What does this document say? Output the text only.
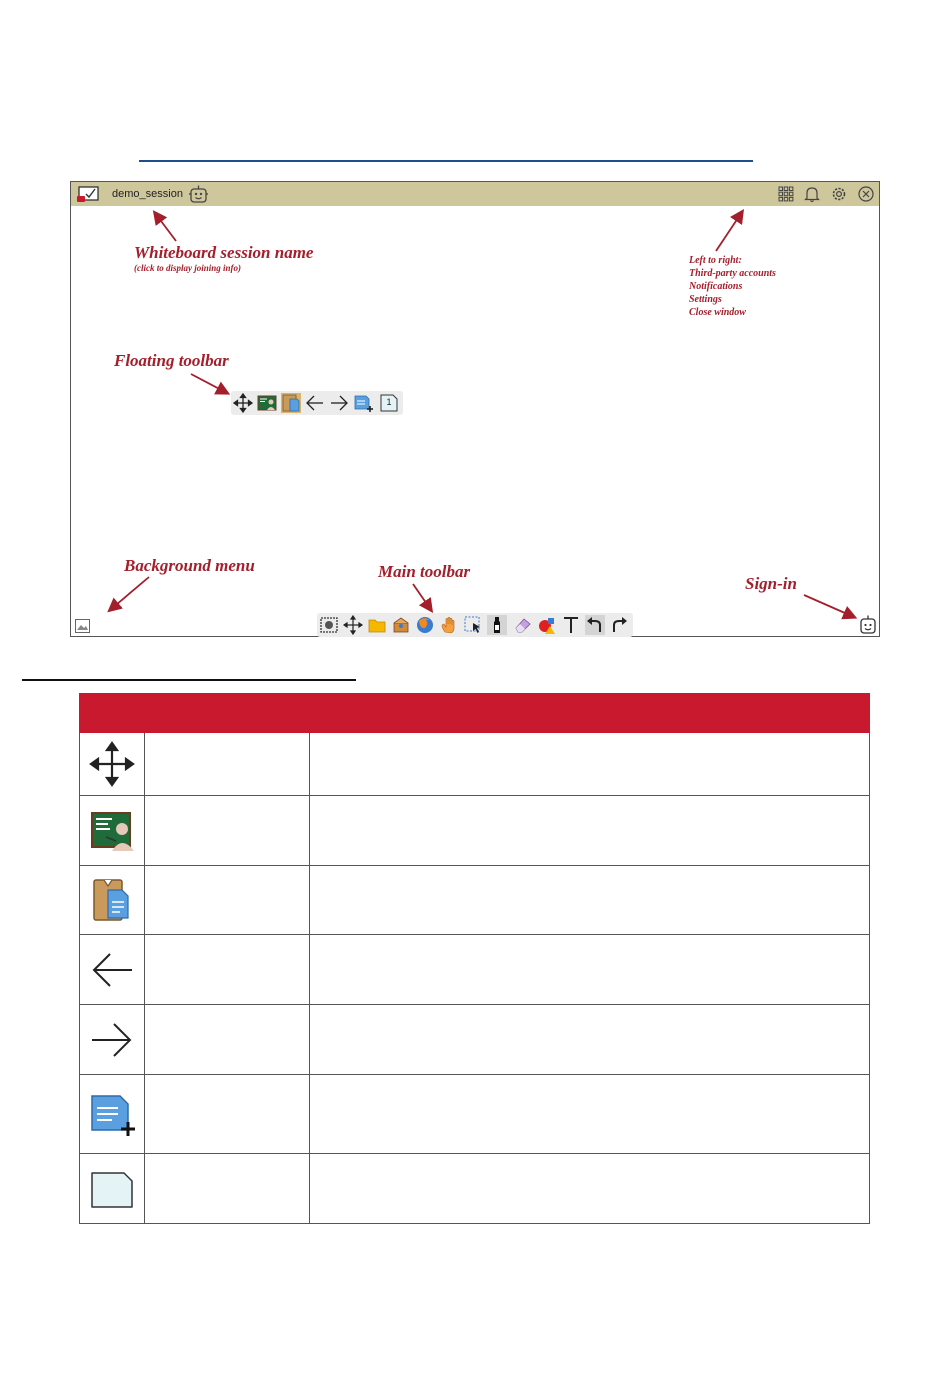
demo_session
Whiteboard session name
(click to display joining info)
Left to right:
Third-party accounts
Notifications
Settings
Close window
Floating toolbar
Background menu	Main toolbar
Sign-in
1
